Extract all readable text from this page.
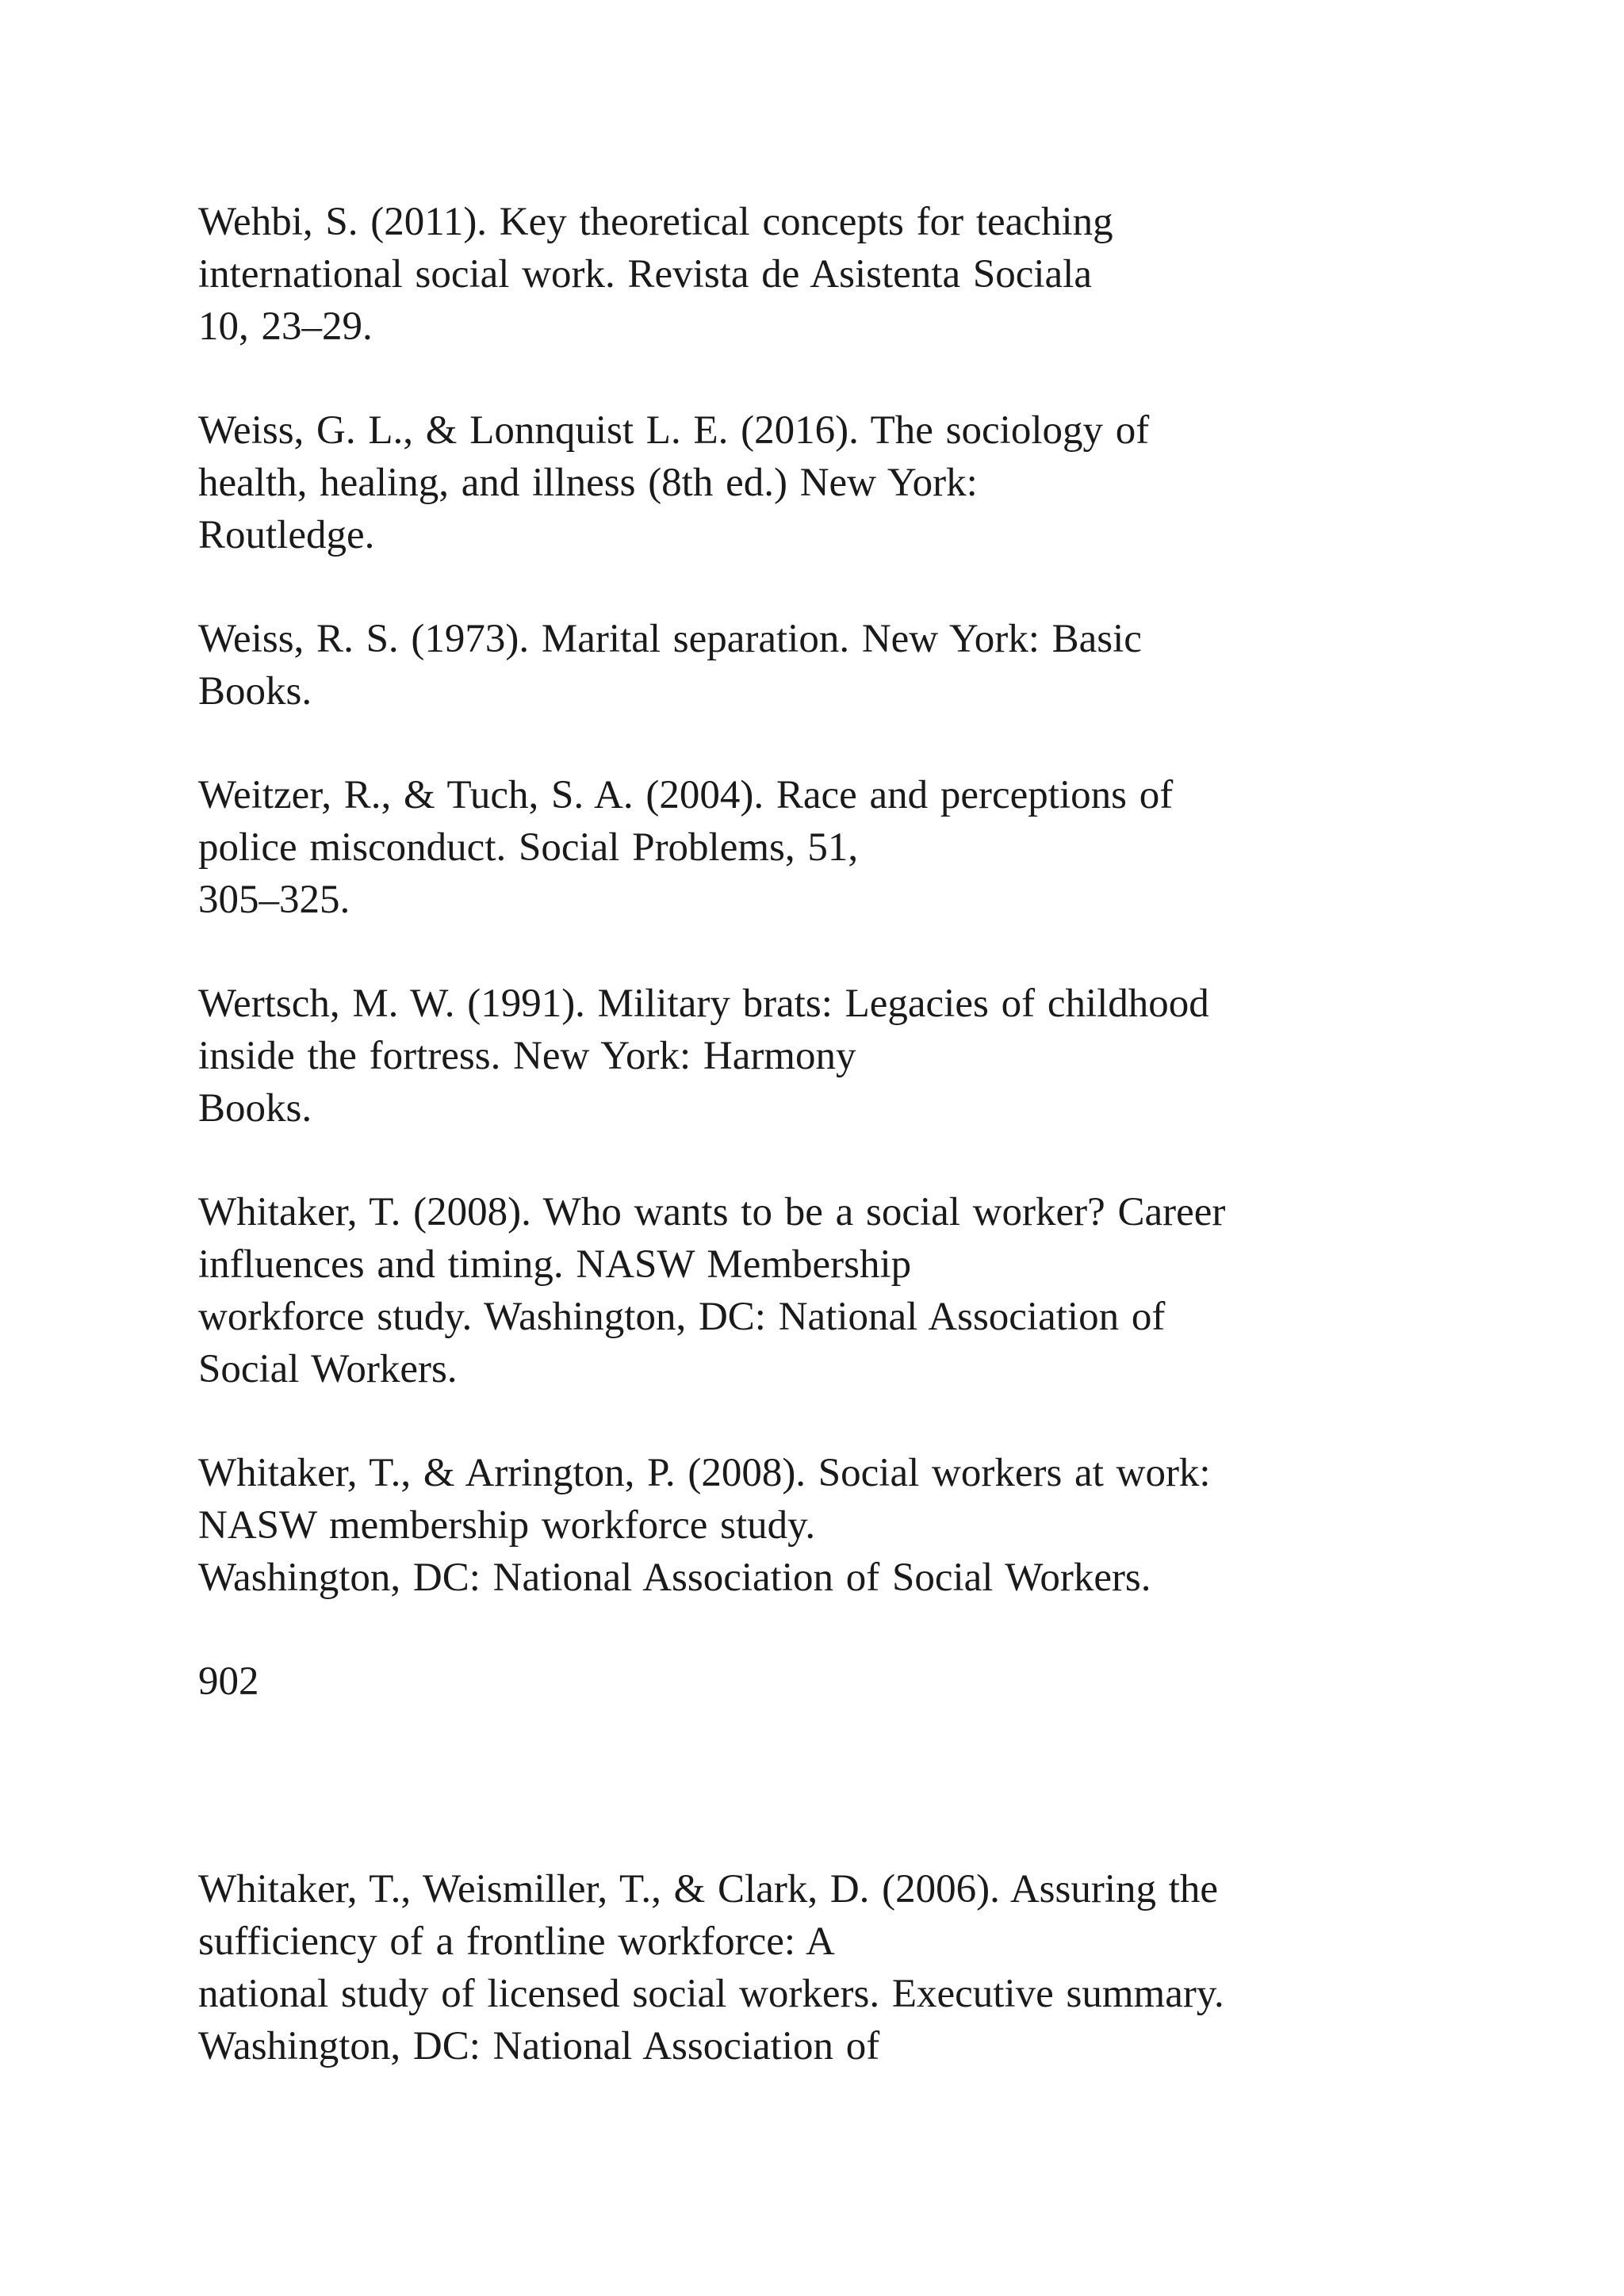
Wehbi, S. (2011). Key theoretical concepts for teaching

international social work. Revista de Asistenta Sociala

10, 23–29.

Weiss, G. L., & Lonnquist L. E. (2016). The sociology of

health, healing, and illness (8th ed.) New York:

Routledge.

Weiss, R. S. (1973). Marital separation. New York: Basic

Books.

Weitzer, R., & Tuch, S. A. (2004). Race and perceptions of

police misconduct. Social Problems, 51,

305–325.

Wertsch, M. W. (1991). Military brats: Legacies of childhood

inside the fortress. New York: Harmony

Books.

Whitaker, T. (2008). Who wants to be a social worker? Career

influences and timing. NASW Membership

workforce study. Washington, DC: National Association of

Social Workers.

Whitaker, T., & Arrington, P. (2008). Social workers at work:

NASW membership workforce study.

Washington, DC: National Association of Social Workers.

902

Whitaker, T., Weismiller, T., & Clark, D. (2006). Assuring the

sufficiency of a frontline workforce: A

national study of licensed social workers. Executive summary.

Washington, DC: National Association of
